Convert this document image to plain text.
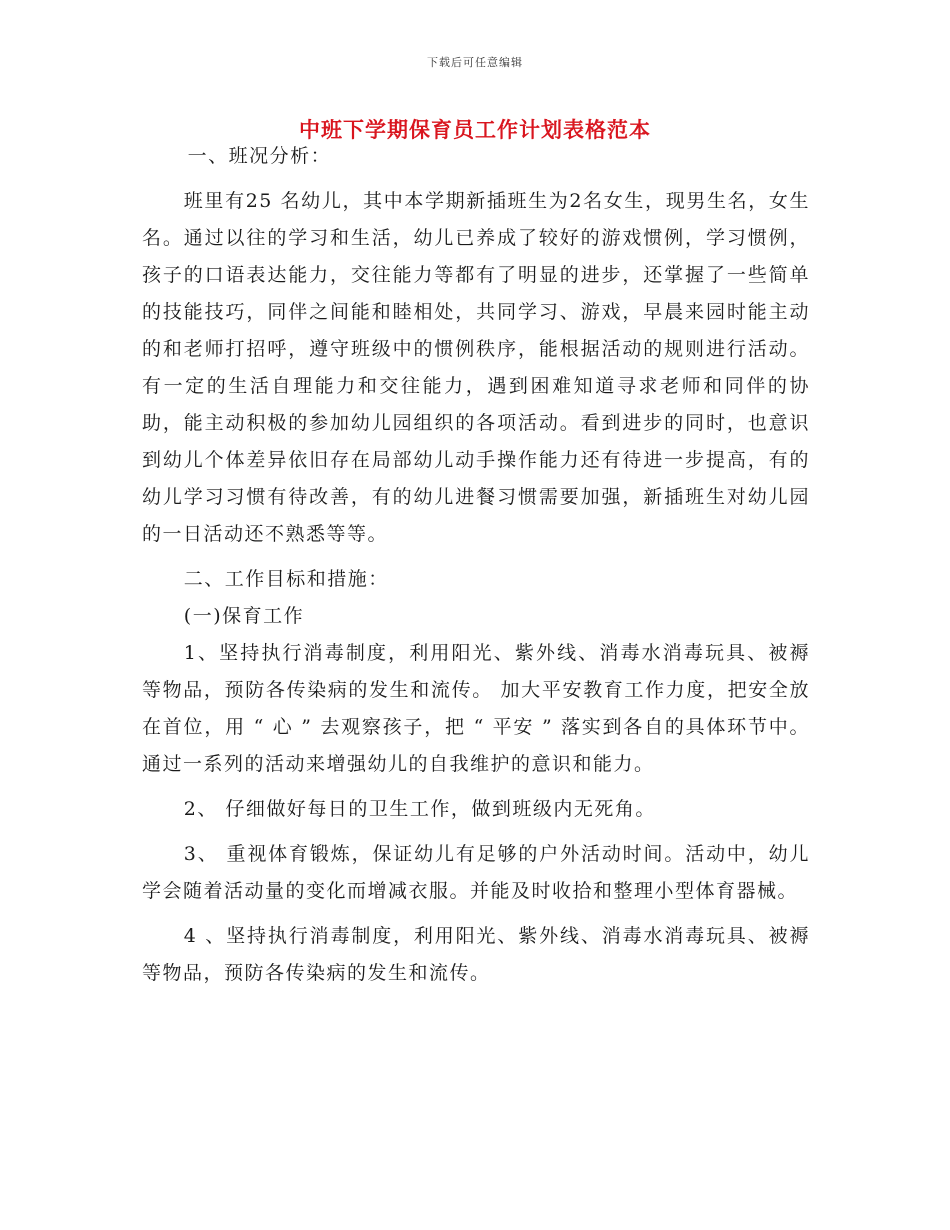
下载后可任意编辑
中班下学期保育员工作计划表格范本

一、班况分析：

班里有25 名幼儿，其中本学期新插班生为2名女生，现男生名，女生 名。通过以往的学习和生活，幼儿已养成了较好的游戏惯例，学习惯例，孩子的口语表达能力，交往能力等都有了明显的进步，还掌握了一些简单的技能技巧，同伴之间能和睦相处，共同学习、游戏，早晨来园时能主动的和老师打招呼，遵守班级中的惯例秩序，能根据活动的规则进行活动。有一定的生活自理能力和交往能力，遇到困难知道寻求老师和同伴的协助，能主动积极的参加幼儿园组织的各项活动。看到进步的同时，也意识到幼儿个体差异依旧存在局部幼儿动手操作能力还有待进一步提高，有的幼儿学习习惯有待改善，有的幼儿进餐习惯需要加强，新插班生对幼儿园的一日活动还不熟悉等等。

二、工作目标和措施：

(一)保育工作

1、坚持执行消毒制度，利用阳光、紫外线、消毒水消毒玩具、被褥等物品，预防各传染病的发生和流传。 加大平安教育工作力度，把安全放在首位，用 “ 心 ” 去观察孩子，把 “ 平安 ” 落实到各自的具体环节中。通过一系列的活动来增强幼儿的自我维护的意识和能力。

2、 仔细做好每日的卫生工作，做到班级内无死角。

3、 重视体育锻炼，保证幼儿有足够的户外活动时间。活动中，幼儿学会随着活动量的变化而增减衣服。并能及时收拾和整理小型体育器械。

4 、坚持执行消毒制度，利用阳光、紫外线、消毒水消毒玩具、被褥等物品，预防各传染病的发生和流传。
